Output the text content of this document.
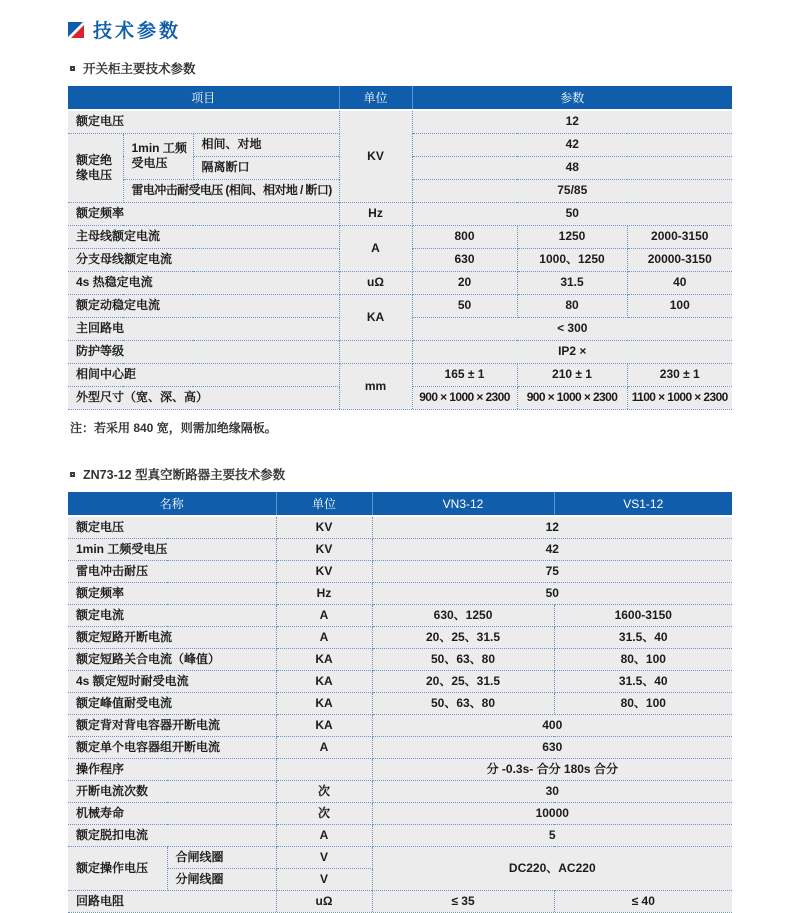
技术参数
开关柜主要技术参数
项目			单位	参数		
额定电压			KV	12		
额定绝缘电压	1min 工频受电压	相间、对地		42		
		隔离断口		48		
	雷电冲击耐受电压 (相间、相对地 / 断口)			75/85		
额定频率			Hz	50		
主母线额定电流			A	800	1250	2000-3150
分支母线额定电流				630	1000、1250	20000-3150
4s 热稳定电流			uΩ	20	31.5	40
额定动稳定电流			KA	50	80	100
主回路电				< 300		
防护等级				IP2 ×		
相间中心距			mm	165 ± 1	210 ± 1	230 ± 1
外型尺寸（宽、深、高）				900 × 1000 × 2300	900 × 1000 × 2300	1100 × 1000 × 2300
注：若采用 840 宽，则需加绝缘隔板。
ZN73-12 型真空断路器主要技术参数
名称		单位	VN3-12	VS1-12
额定电压		KV	12	
1min 工频受电压		KV	42	
雷电冲击耐压		KV	75	
额定频率		Hz	50	
额定电流		A	630、1250	1600-3150
额定短路开断电流		A	20、25、31.5	31.5、40
额定短路关合电流（峰值）		KA	50、63、80	80、100
4s 额定短时耐受电流		KA	20、25、31.5	31.5、40
额定峰值耐受电流		KA	50、63、80	80、100
额定背对背电容器开断电流		KA	400	
额定单个电容器组开断电流		A	630	
操作程序			分 -0.3s- 合分 180s 合分	
开断电流次数		次	30	
机械寿命		次	10000	
额定脱扣电流		A	5	
额定操作电压	合闸线圈	V	DC220、AC220	
	分闸线圈	V		
回路电阻		uΩ	≤ 35	≤ 40
